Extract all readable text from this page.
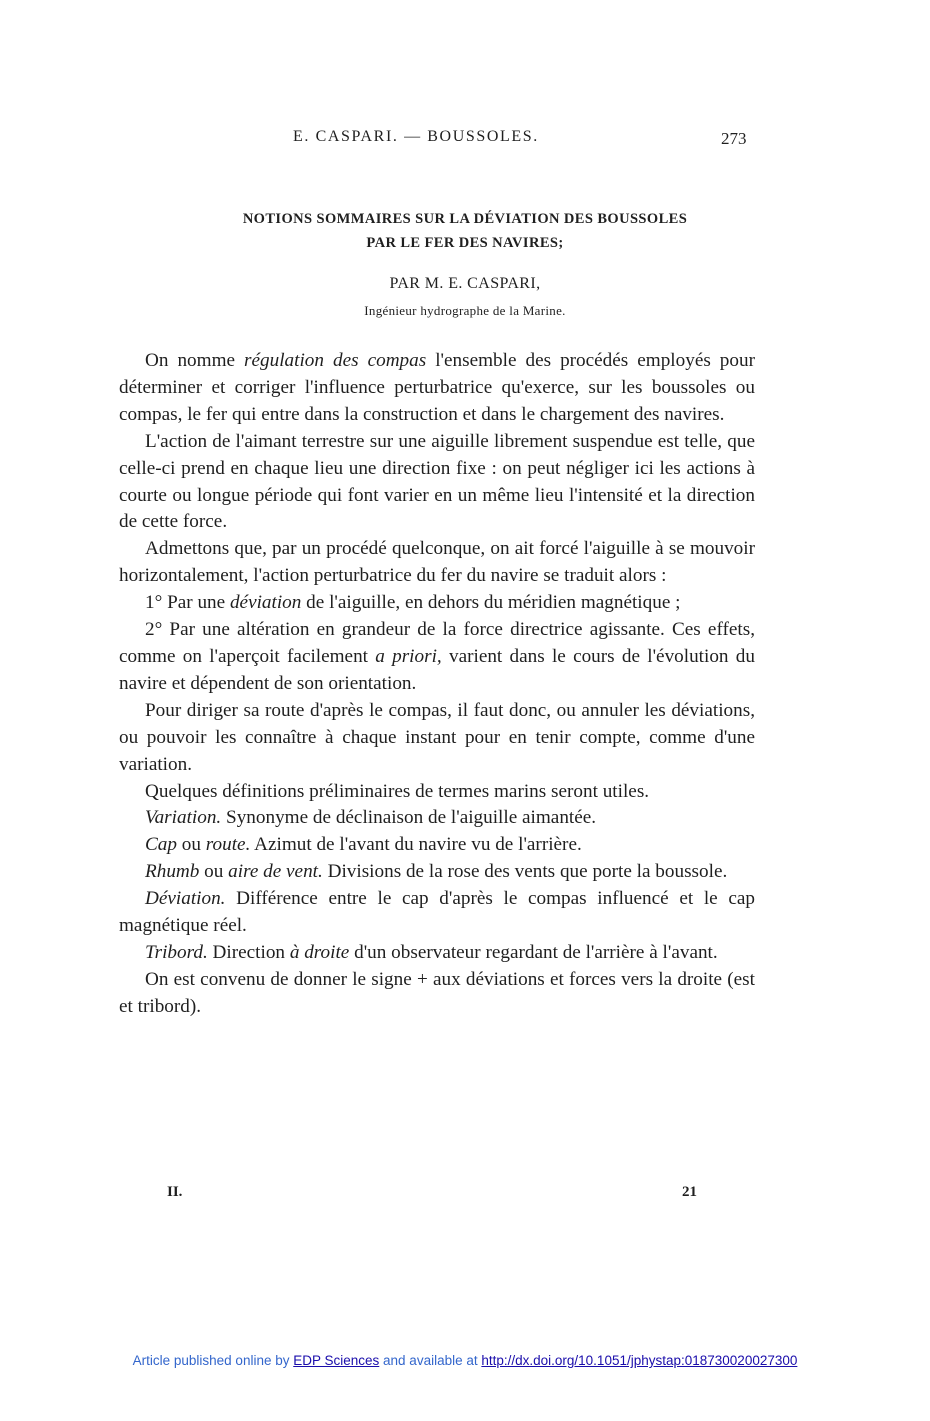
E. CASPARI. — BOUSSOLES.	273
NOTIONS SOMMAIRES SUR LA DÉVIATION DES BOUSSOLES
PAR LE FER DES NAVIRES;
PAR M. E. CASPARI,
Ingénieur hydrographe de la Marine.

On nomme régulation des compas l'ensemble des procédés employés pour déterminer et corriger l'influence perturbatrice qu'exerce, sur les boussoles ou compas, le fer qui entre dans la construction et dans le chargement des navires.

L'action de l'aimant terrestre sur une aiguille librement suspendue est telle, que celle-ci prend en chaque lieu une direction fixe : on peut négliger ici les actions à courte ou longue période qui font varier en un même lieu l'intensité et la direction de cette force.

Admettons que, par un procédé quelconque, on ait forcé l'aiguille à se mouvoir horizontalement, l'action perturbatrice du fer du navire se traduit alors :

1° Par une déviation de l'aiguille, en dehors du méridien magnétique ;

2° Par une altération en grandeur de la force directrice agissante. Ces effets, comme on l'aperçoit facilement a priori, varient dans le cours de l'évolution du navire et dépendent de son orientation.

Pour diriger sa route d'après le compas, il faut donc, ou annuler les déviations, ou pouvoir les connaître à chaque instant pour en tenir compte, comme d'une variation.

Quelques définitions préliminaires de termes marins seront utiles.

Variation. Synonyme de déclinaison de l'aiguille aimantée.

Cap ou route. Azimut de l'avant du navire vu de l'arrière.

Rhumb ou aire de vent. Divisions de la rose des vents que porte la boussole.

Déviation. Différence entre le cap d'après le compas influencé et le cap magnétique réel.

Tribord. Direction à droite d'un observateur regardant de l'arrière à l'avant.

On est convenu de donner le signe + aux déviations et forces vers la droite (est et tribord).

II.	21
Article published online by EDP Sciences and available at http://dx.doi.org/10.1051/jphystap:018730020027300
